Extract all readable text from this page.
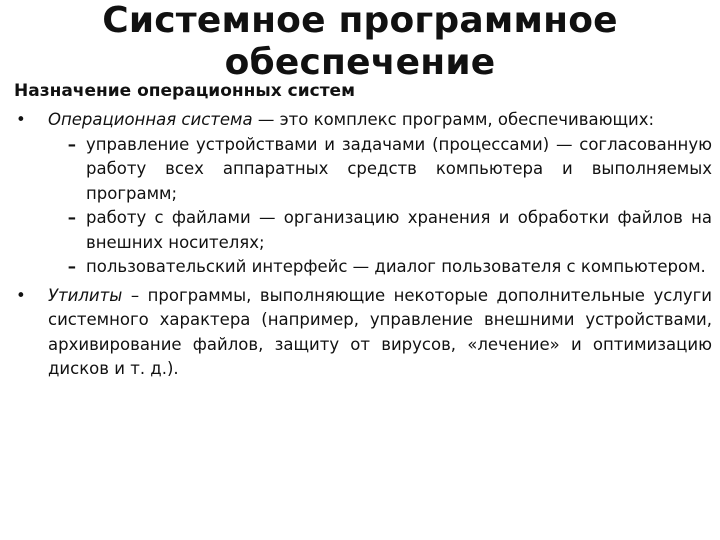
Системное программное
обеспечение
Назначение операционных систем
•	Операционная система — это комплекс программ, обеспечивающих:
– управление устройствами и задачами (процессами) — согласованную работу всех аппаратных средств компьютера и выполняемых программ;
– работу с файлами — организацию хранения и обработки файлов на внешних носителях;
– пользовательский интерфейс — диалог пользователя с компьютером.
•	Утилиты – программы, выполняющие некоторые дополнительные услуги системного характера (например, управление внешними устройствами, архивирование файлов, защиту от вирусов, «лечение» и оптимизацию дисков и т. д.).
